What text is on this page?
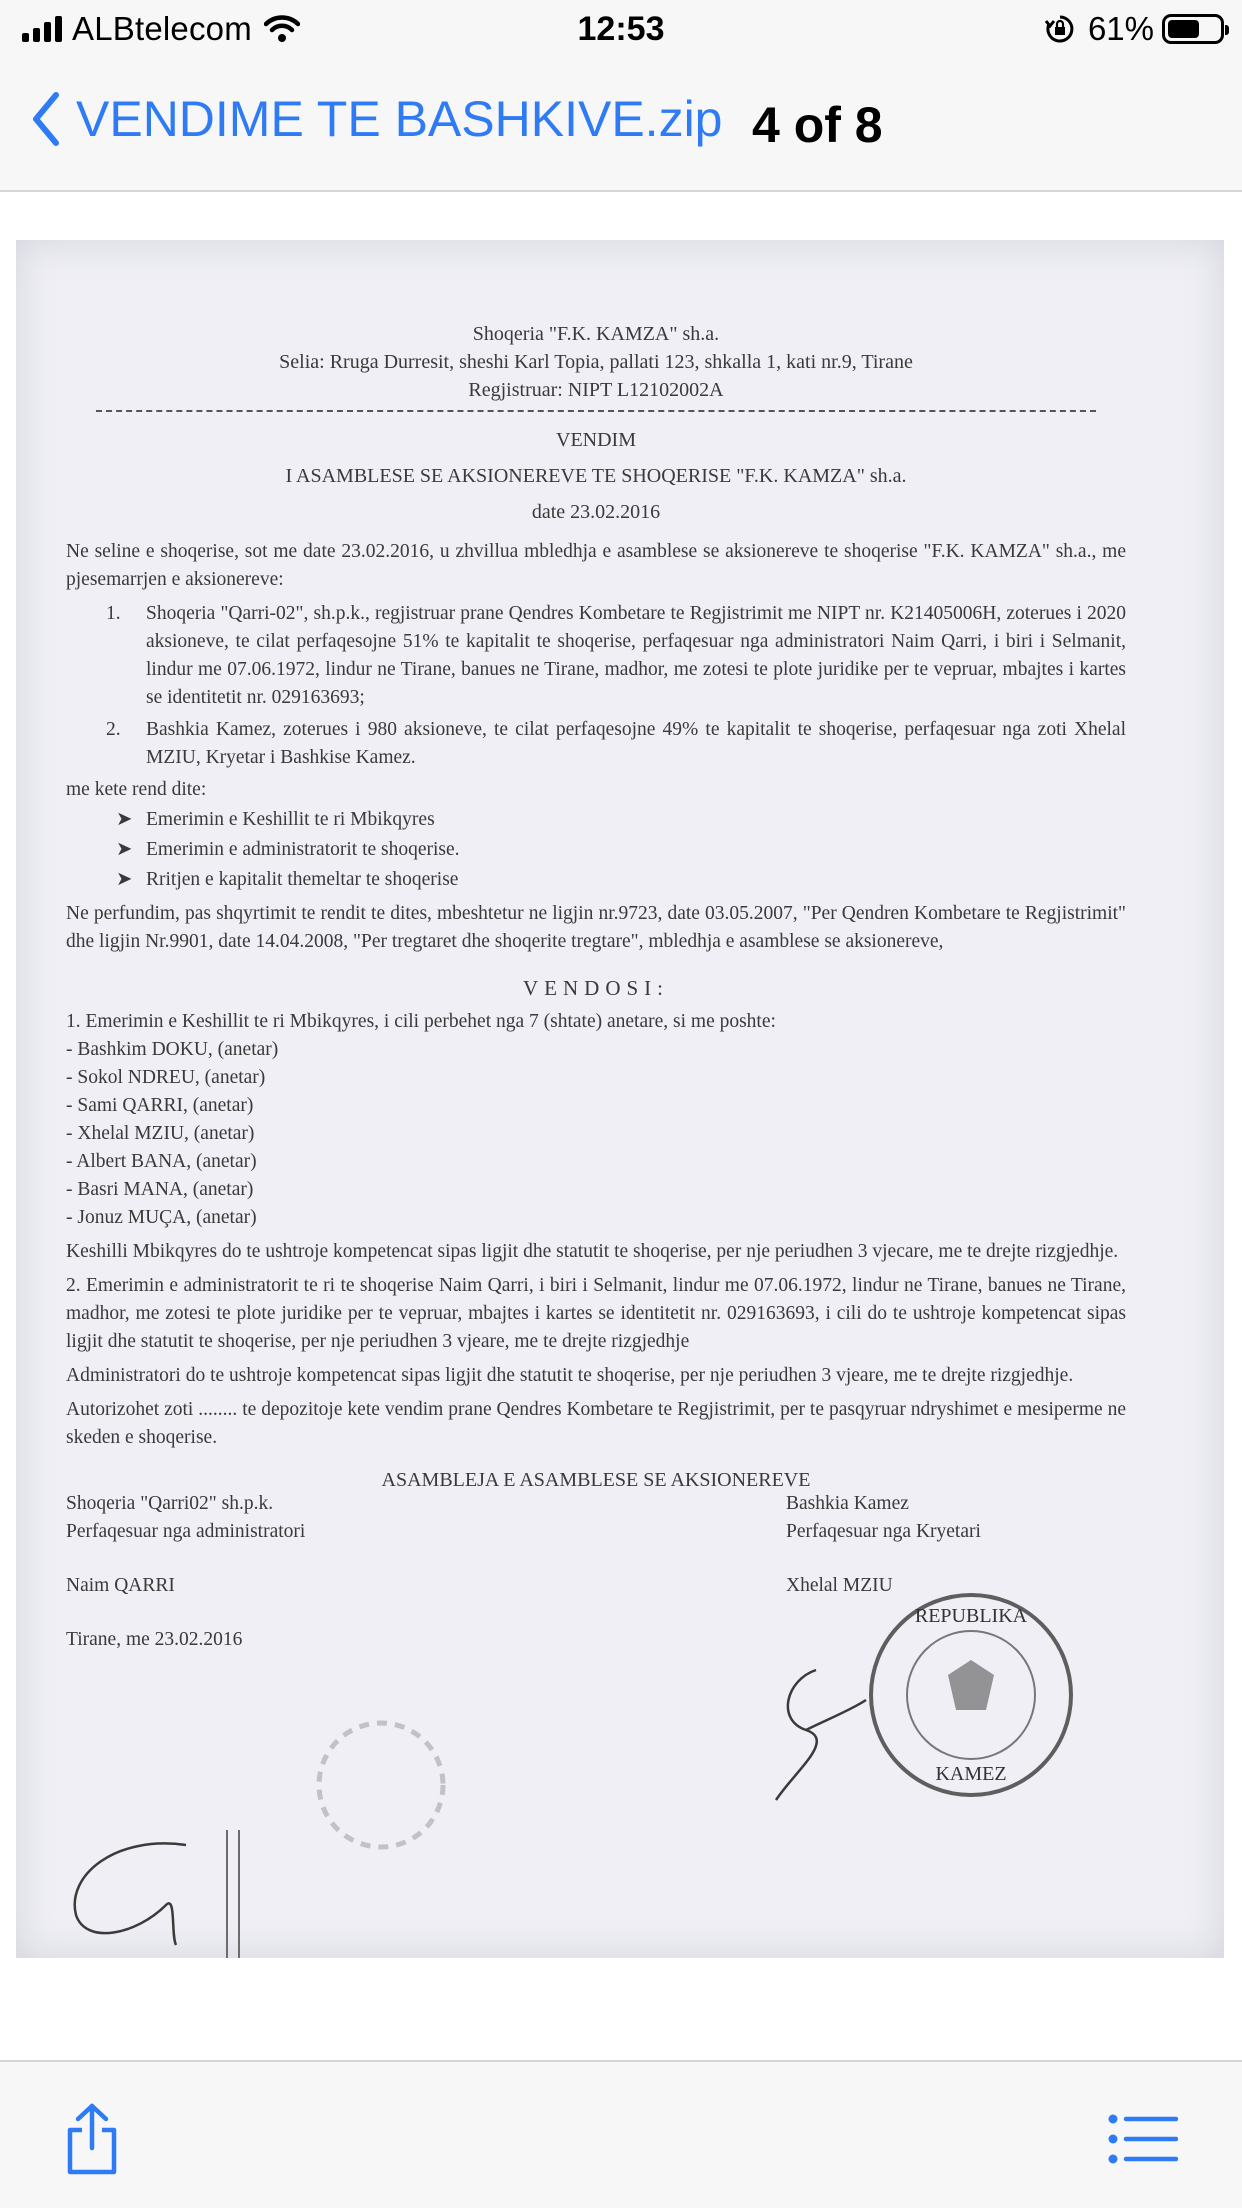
ALBtelecom	12:53	61%
VENDIME TE BASHKIVE.zip 4 of 8
Shoqeria "F.K. KAMZA" sh.a.
Selia: Rruga Durresit, sheshi Karl Topia, pallati 123, shkalla 1, kati nr.9, Tirane
Regjistruar: NIPT L12102002A
VENDIM
I ASAMBLESE SE AKSIONEREVE TE SHOQERISE "F.K. KAMZA" sh.a.
date 23.02.2016
Ne seline e shoqerise, sot me date 23.02.2016, u zhvillua mbledhja e asamblese se aksionereve te shoqerise "F.K. KAMZA" sh.a., me pjesemarrjen e aksionereve:
1.	Shoqeria "Qarri-02", sh.p.k., regjistruar prane Qendres Kombetare te Regjistrimit me NIPT nr. K21405006H, zoterues i 2020 aksioneve, te cilat perfaqesojne 51% te kapitalit te shoqerise, perfaqesuar nga administratori Naim Qarri, i biri i Selmanit, lindur me 07.06.1972, lindur ne Tirane, banues ne Tirane, madhor, me zotesi te plote juridike per te vepruar, mbajtes i kartes se identitetit nr. 029163693;
2.	Bashkia Kamez, zoterues i 980 aksioneve, te cilat perfaqesojne 49% te kapitalit te shoqerise, perfaqesuar nga zoti Xhelal MZIU, Kryetar i Bashkise Kamez.
me kete rend dite:
➤ Emerimin e Keshillit te ri Mbikqyres
➤ Emerimin e administratorit te shoqerise.
➤ Rritjen e kapitalit themeltar te shoqerise
Ne perfundim, pas shqyrtimit te rendit te dites, mbeshtetur ne ligjin nr.9723, date 03.05.2007, "Per Qendren Kombetare te Regjistrimit" dhe ligjin Nr.9901, date 14.04.2008, "Per tregtaret dhe shoqerite tregtare", mbledhja e asamblese se aksionereve,
VENDOSI:
1. Emerimin e Keshillit te ri Mbikqyres, i cili perbehet nga 7 (shtate) anetare, si me poshte:
- Bashkim DOKU, (anetar)
- Sokol NDREU, (anetar)
- Sami QARRI, (anetar)
- Xhelal MZIU, (anetar)
- Albert BANA, (anetar)
- Basri MANA, (anetar)
- Jonuz MUÇA, (anetar)
Keshilli Mbikqyres do te ushtroje kompetencat sipas ligjit dhe statutit te shoqerise, per nje periudhen 3 vjecare, me te drejte rizgjedhje.
2. Emerimin e administratorit te ri te shoqerise Naim Qarri, i biri i Selmanit, lindur me 07.06.1972, lindur ne Tirane, banues ne Tirane, madhor, me zotesi te plote juridike per te vepruar, mbajtes i kartes se identitetit nr. 029163693, i cili do te ushtroje kompetencat sipas ligjit dhe statutit te shoqerise, per nje periudhen 3 vjeare, me te drejte rizgjedhje
Administratori do te ushtroje kompetencat sipas ligjit dhe statutit te shoqerise, per nje periudhen 3 vjeare, me te drejte rizgjedhje.
Autorizohet zoti ........ te depozitoje kete vendim prane Qendres Kombetare te Regjistrimit, per te pasqyruar ndryshimet e mesiperme ne skeden e shoqerise.
ASAMBLEJA E ASAMBLESE SE AKSIONEREVE
Shoqeria "Qarri02" sh.p.k.
Perfaqesuar nga administratori
Naim QARRI
Tirane, me 23.02.2016
Bashkia Kamez
Perfaqesuar nga Kryetari
Xhelal MZIU
REPUBLIKA
KAMEZ
